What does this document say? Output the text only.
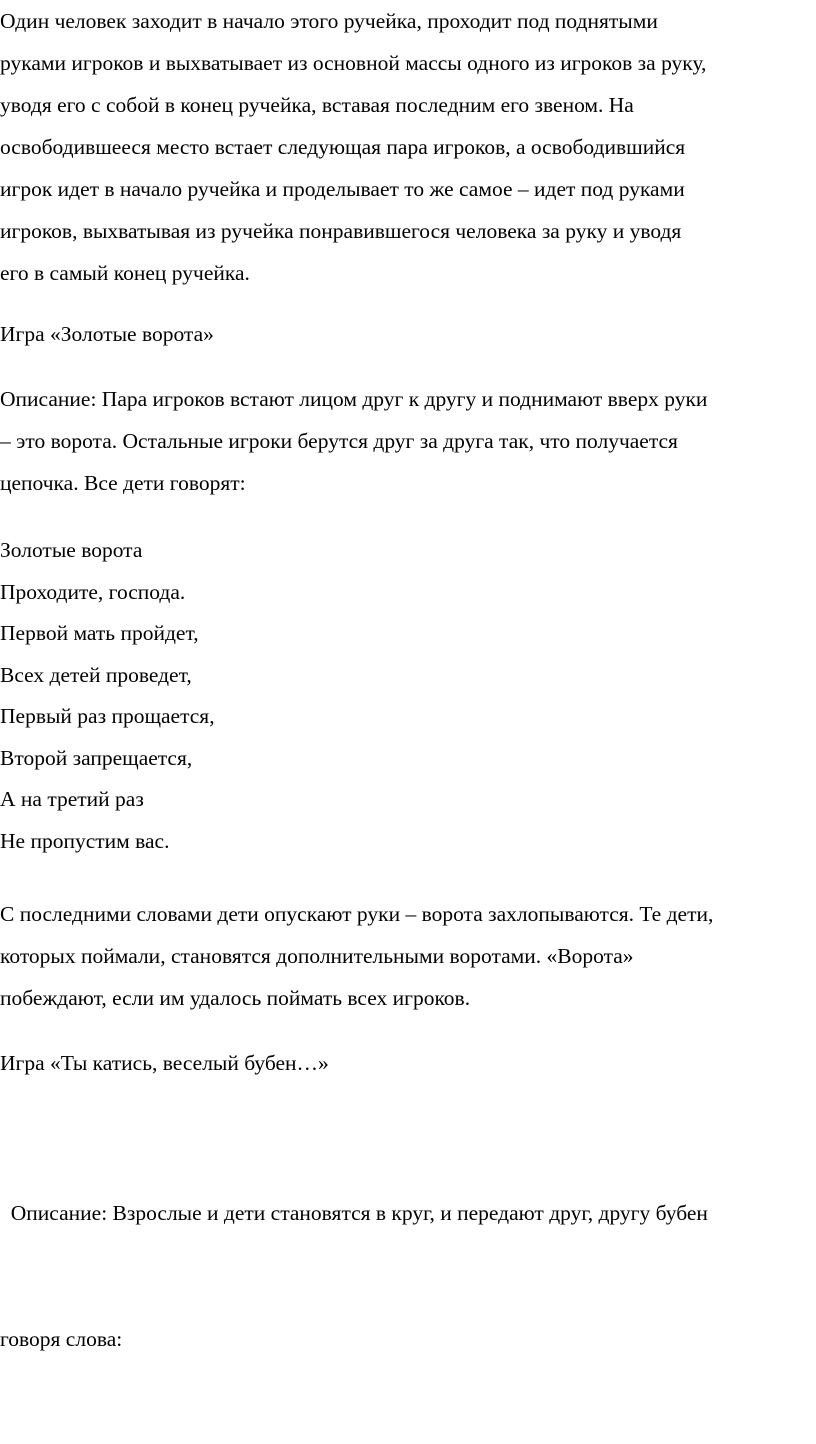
Один человек заходит в начало этого ручейка, проходит под поднятыми
руками игроков и выхватывает из основной массы одного из игроков за руку,
уводя его с собой в конец ручейка, вставая последним его звеном. На
освободившееся место встает следующая пара игроков, а освободившийся
игрок идет в начало ручейка и проделывает то же самое – идет под руками
игроков, выхватывая из ручейка понравившегося человека за руку и уводя
его в самый конец ручейка.
Игра «Золотые ворота»
Описание: Пара игроков встают лицом друг к другу и поднимают вверх руки
– это ворота. Остальные игроки берутся друг за друга так, что получается
цепочка. Все дети говорят:
Золотые ворота
Проходите, господа.
Первой мать пройдет,
Всех детей проведет,
Первый раз прощается,
Второй запрещается,
А на третий раз
Не пропустим вас.
С последними словами дети опускают руки – ворота захлопываются. Те дети,
которых поймали, становятся дополнительными воротами. «Ворота»
побеждают, если им удалось поймать всех игроков.
Игра «Ты катись, веселый бубен…»

Описание: Взрослые и дети становятся в круг, и передают друг, другу бубен

говоря слова:
